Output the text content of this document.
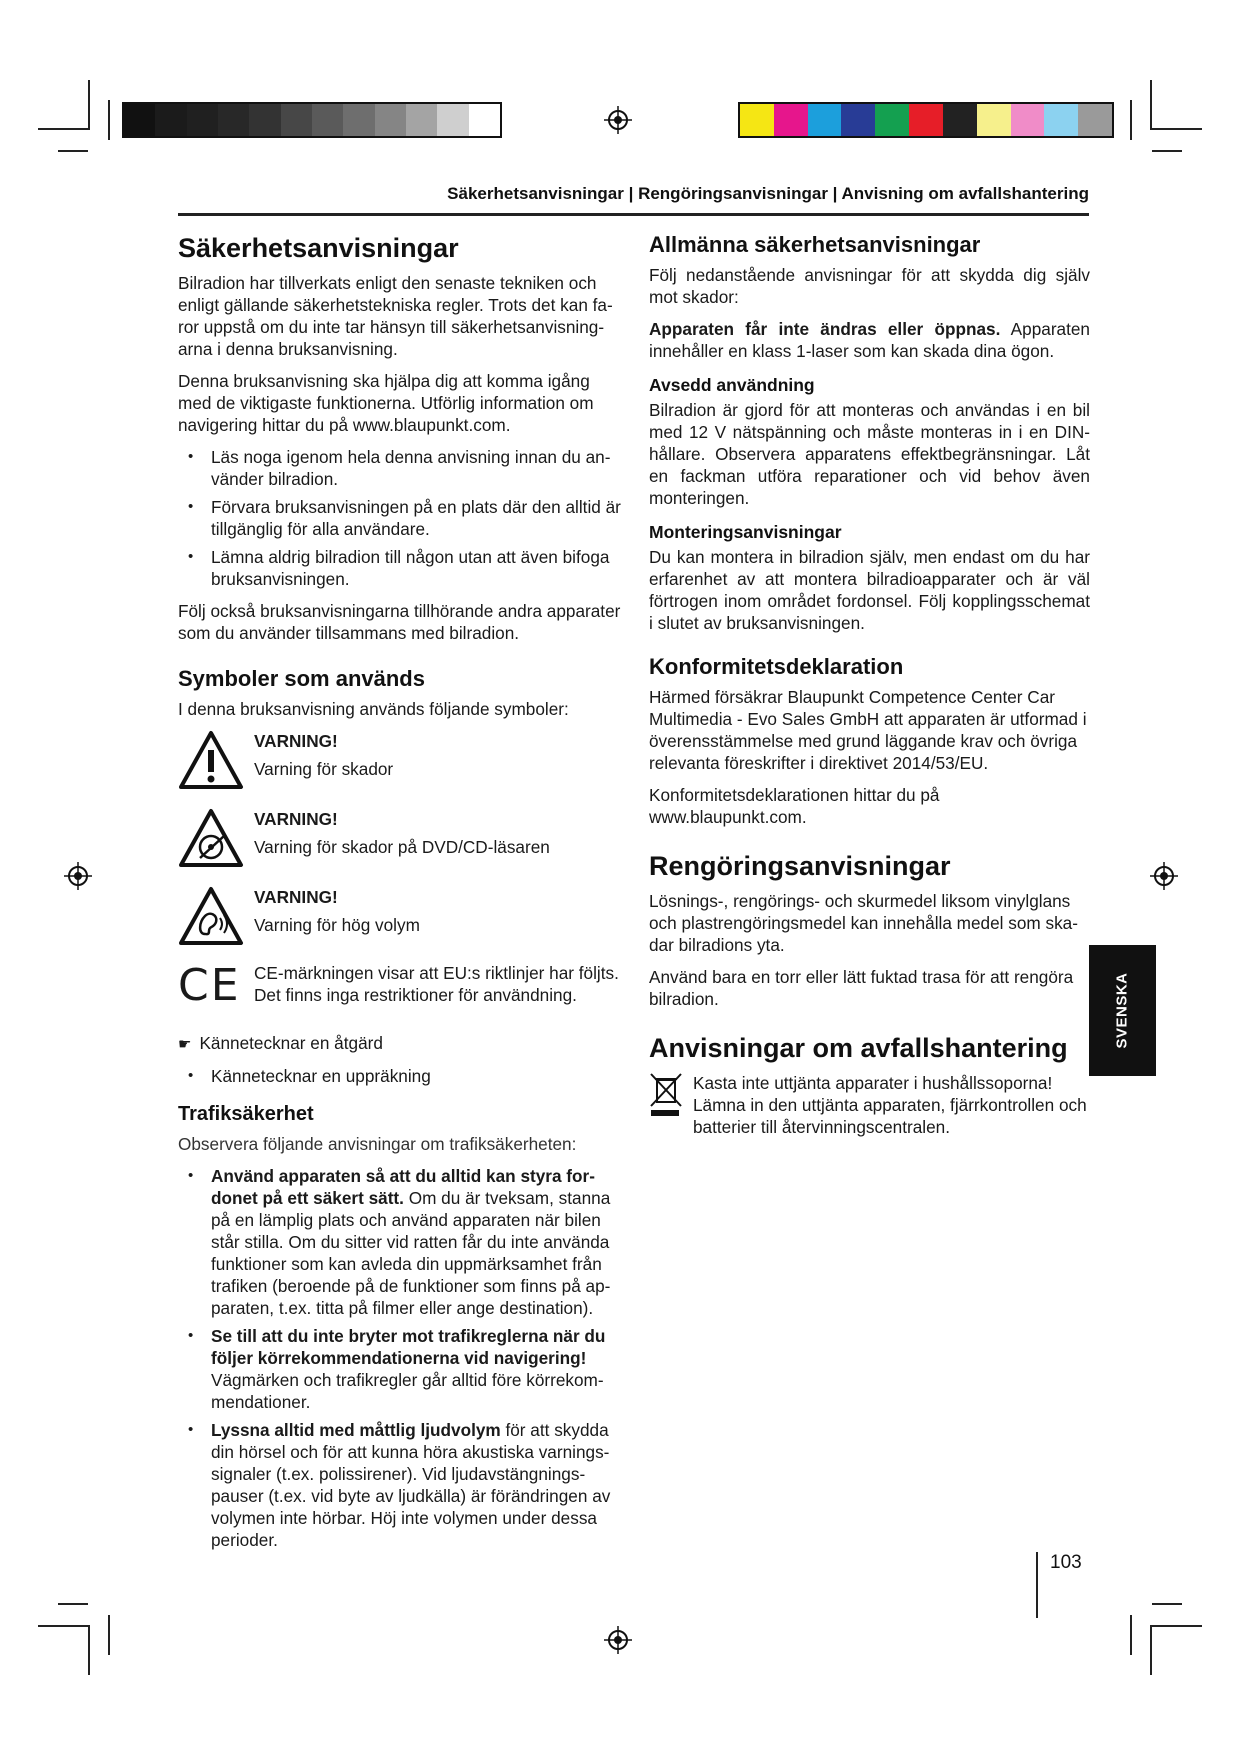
Säkerhetsanvisningar | Rengöringsanvisningar | Anvisning om avfallshantering
Säkerhetsanvisningar

Bilradion har tillverkats enligt den senaste tekniken och enligt gällande säkerhetstekniska regler. Trots det kan faror uppstå om du inte tar hänsyn till säkerhetsanvisningarna i denna bruksanvisning.

Denna bruksanvisning ska hjälpa dig att komma igång med de viktigaste funktionerna. Utförlig information om navigering hittar du på www.blaupunkt.com.

• Läs noga igenom hela denna anvisning innan du använder bilradion.
• Förvara bruksanvisningen på en plats där den alltid är tillgänglig för alla användare.
• Lämna aldrig bilradion till någon utan att även bifoga bruksanvisningen.

Följ också bruksanvisningarna tillhörande andra apparater som du använder tillsammans med bilradion.

Symboler som används

I denna bruksanvisning används följande symboler:

VARNING!
Varning för skador
VARNING!
Varning för skador på DVD/CD-läsaren
VARNING!
Varning för hög volym
CE CE-märkningen visar att EU:s riktlinjer har följts. Det finns inga restriktioner för användning.

☛ Kännetecknar en åtgärd

• Kännetecknar en uppräkning
Trafiksäkerhet

Observera följande anvisningar om trafiksäkerheten:

• Använd apparaten så att du alltid kan styra fordonet på ett säkert sätt. Om du är tveksam, stanna på en lämplig plats och använd apparaten när bilen står stilla. Om du sitter vid ratten får du inte använda funktioner som kan avleda din uppmärksamhet från trafiken (beroende på de funktioner som finns på apparaten, t.ex. titta på filmer eller ange destination).
• Se till att du inte bryter mot trafikreglerna när du följer körrekommendationerna vid navigering! Vägmärken och trafikregler går alltid före körrekommendationer.
• Lyssna alltid med måttlig ljudvolym för att skydda din hörsel och för att kunna höra akustiska varningssignaler (t.ex. polissirener). Vid ljudavstängningspauser (t.ex. vid byte av ljudkälla) är förändringen av volymen inte hörbar. Höj inte volymen under dessa perioder.
Allmänna säkerhetsanvisningar

Följ nedanstående anvisningar för att skydda dig själv mot skador:

Apparaten får inte ändras eller öppnas. Apparaten innehåller en klass 1-laser som kan skada dina ögon.

Avsedd användning

Bilradion är gjord för att monteras och användas i en bil med 12 V nätspänning och måste monteras in i en DIN-hållare. Observera apparatens effektbegränsningar. Låt en fackman utföra reparationer och vid behov även monteringen.

Monteringsanvisningar

Du kan montera in bilradion själv, men endast om du har erfarenhet av att montera bilradioapparater och är väl förtrogen inom området fordonsel. Följ kopplingsschemat i slutet av bruksanvisningen.

Konformitetsdeklaration

Härmed försäkrar Blaupunkt Competence Center Car Multimedia - Evo Sales GmbH att apparaten är utformad i överensstämmelse med grund läggande krav och övriga relevanta föreskrifter i direktivet 2014/53/EU.

Konformitetsdeklarationen hittar du på www.blaupunkt.com.

Rengöringsanvisningar

Lösnings-, rengörings- och skurmedel liksom vinylglans och plastrengöringsmedel kan innehålla medel som skadar bilradions yta.

Använd bara en torr eller lätt fuktad trasa för att rengöra bilradion.

Anvisningar om avfallshantering

Kasta inte uttjänta apparater i hushållssoporna! Lämna in den uttjänta apparaten, fjärrkontrollen och batterier till återvinningscentralen.

SVENSKA
103
